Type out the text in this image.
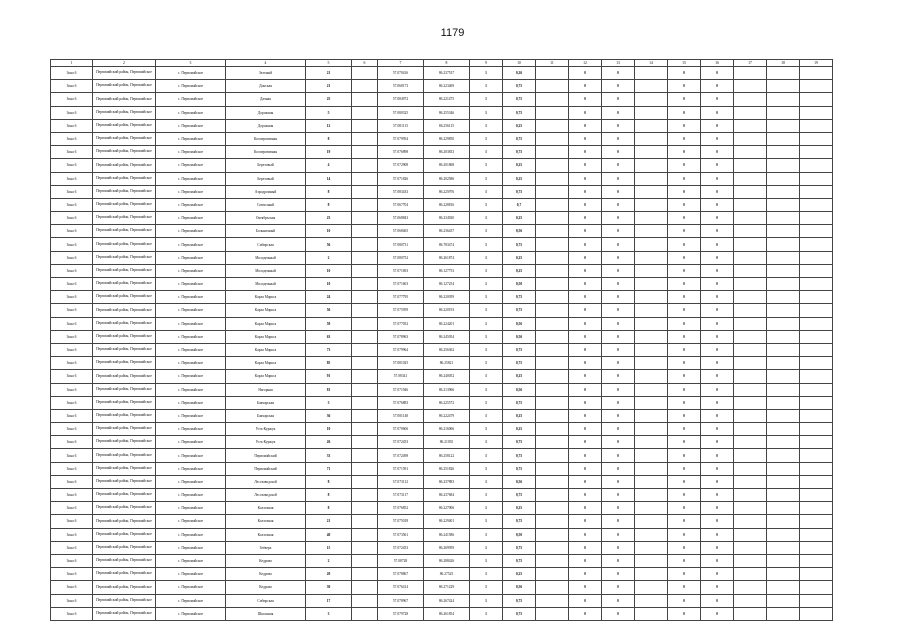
1179
1	2	3	4	5	6	7	8	9	10	11	12	13	14	15	16	17	18	19
Зона 6	Первомайский район, Первомайское	с. Первомайское	Зеленый	21		57.070416	86.237537	1	0,26		0	0		0	0			
Зона 6	Первомайский район, Первомайское	с. Первомайское	Донская	21		57.068173	86.223469	1	0,75		0	0		0	0			
Зона 6	Первомайский район, Первомайское	с. Первомайское	Дачная	25		57.084972	86.221475	1	0,75		0	0		0	0			
Зона 6	Первомайский район, Первомайское	с. Первомайское	Дорожная	5		57.080325	86.255346	1	0,75		0	0		0	0			
Зона 6	Первомайский район, Первомайское	с. Первомайское	Дорожная	12		57.081115	86.256115	1	0,25		0	0		0	0			
Зона 6	Первомайский район, Первомайское	с. Первомайское	Кооперативная	8		57.079954	86.229850	1	0,75		0	0		0	0			
Зона 6	Первомайский район, Первомайское	с. Первомайское	Кооперативная	19		57.076898	86.203833	1	0,75		0	0		0	0			
Зона 6	Первомайский район, Первомайское	с. Первомайское	Березовый	4		57.072908	86.201868	1	0,25		0	0		0	0			
Зона 6	Первомайский район, Первомайское	с. Первомайское	Березовый	14		57.071826	86.202586	1	0,25		0	0		0	0			
Зона 6	Первомайский район, Первомайское	с. Первомайское	Аэродромный	8		57.083433	86.225976	1	0,75		0	0		0	0			
Зона 6	Первомайский район, Первомайское	с. Первомайское	Совхозный	8		57.067704	86.228816	1	0,7		0	0		0	0			
Зона 6	Первомайский район, Первомайское	с. Первомайское	Октябрьская	23		57.068843	86.234920	1	0,25		0	0		0	0			
Зона 6	Первомайский район, Первомайское	с. Первомайское	Больничный	10		57.068465	86.236437	1	0,56		0	0		0	0			
Зона 6	Первомайский район, Первомайское	с. Первомайское	Сибирская	56		57.080731	86.783474	1	0,75		0	0		0	0			
Зона 6	Первомайский район, Первомайское	с. Первомайское	Молодежный	2		57.080752	86.261874	1	0,25		0	0		0	0			
Зона 6	Первомайский район, Первомайское	с. Первомайское	Молодежный	10		57.071693	86.127753	1	0,25		0	0		0	0			
Зона 6	Первомайский район, Первомайское	с. Первомайское	Молодежный	10		57.071603	86.127254	1	0,50		0	0		0	0			
Зона 6	Первомайский район, Первомайское	с. Первомайское	Карла Маркса	24		57.077795	86.220059	1	0,75		0	0		0	0			
Зона 6	Первомайский район, Первомайское	с. Первомайское	Карла Маркса	56		57.075959	86.220193	1	0,75		0	0		0	0			
Зона 6	Первомайский район, Первомайское	с. Первомайское	Карла Маркса	59		57.077052	86.224201	1	0,56		0	0		0	0			
Зона 6	Первомайский район, Первомайское	с. Первомайское	Карла Маркса	63		57.078963	86.245054	1	0,56		0	0		0	0			
Зона 6	Первомайский район, Первомайское	с. Первомайское	Карла Маркса	73		57.079964	86.256362	1	0,75		0	0		0	0			
Зона 6	Первомайский район, Первомайское	с. Первомайское	Карла Маркса	85		57.081025	86.25821	1	0,75		0	0		0	0			
Зона 6	Первомайский район, Первомайское	с. Первомайское	Карла Маркса	91		57.08341	86.240052	1	0,25		0	0		0	0			
Зона 6	Первомайский район, Первомайское	с. Первомайское	Нагорная	81		57.071946	86.213966	1	0,56		0	0		0	0			
Зона 6	Первомайский район, Первомайское	с. Первомайское	Бакчарская	3		57.076883	86.225572	1	0,75		0	0		0	0			
Зона 6	Первомайский район, Первомайское	с. Первомайское	Бакчарская	36		57.081148	86.222479	1	0,25		0	0		0	0			
Зона 6	Первомайский район, Первомайское	с. Первомайское	Усть-Куржук	10		57.070606	86.216066	1	0,25		0	0		0	0			
Зона 6	Первомайский район, Первомайское	с. Первомайское	Усть-Куржук	26		57.072453	86.21035	1	0,75		0	0		0	0			
Зона 6	Первомайский район, Первомайское	с. Первомайское	Первомайский	33		57.072498	86.258122	1	0,75		0	0		0	0			
Зона 6	Первомайский район, Первомайское	с. Первомайское	Первомайский	71		57.071591	86.251826	1	0,75		0	0		0	0			
Зона 6	Первомайский район, Первомайское	с. Первомайское	Лесозаводской	8		57.073112	86.237883	1	0,56		0	0		0	0			
Зона 6	Первомайский район, Первомайское	с. Первомайское	Лесозаводской	8		57.073117	86.237684	1	0,75		0	0		0	0			
Зона 6	Первомайский район, Первомайское	с. Первомайское	Колхозная	8		57.076852	86.227006	1	0,25		0	0		0	0			
Зона 6	Первомайский район, Первомайское	с. Первомайское	Колхозная	21		57.075018	86.229401	1	0,75		0	0		0	0			
Зона 6	Первомайский район, Первомайское	с. Первомайское	Колхозная	40		57.073561	86.241586	1	0,50		0	0		0	0			
Зона 6	Первомайский район, Первомайское	с. Первомайское	Зеёвера	15		57.072453	86.269959	1	0,75		0	0		0	0			
Зона 6	Первомайский район, Первомайское	с. Первомайское	Кедрова	2		57.08728	86.288426	1	0,75		0	0		0	0			
Зона 6	Первомайский район, Первомайское	с. Первомайское	Кедрова	20		57.078867	86.27525	1	0,25		0	0		0	0			
Зона 6	Первомайский район, Первомайское	с. Первомайское	Кедрова	30		57.076414	86.271229	1	0,56		0	0		0	0			
Зона 6	Первомайский район, Первомайское	с. Первомайское	Сибирская	17		57.078967	86.267424	1	0,75		0	0		0	0			
Зона 6	Первомайский район, Первомайское	с. Первомайское	Школьная	3		57.079728	86.261854	1	0,75		0	0		0	0			
